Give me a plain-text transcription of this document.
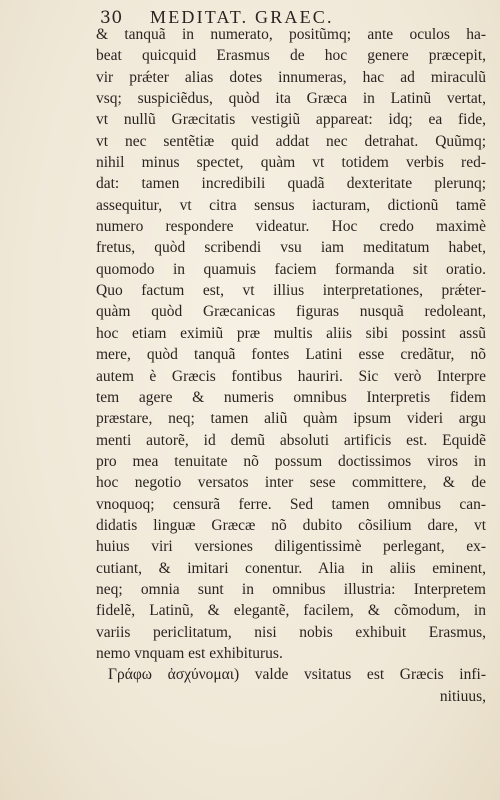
30 MEDITAT. GRAEC.
& tanquã in numerato, positũmq; ante oculos ha-
beat quicquid Erasmus de hoc genere præcepit,
vir prǽter alias dotes innumeras, hac ad miraculũ
vsq; suspiciẽdus, quòd ita Græca in Latinũ vertat,
vt nullũ Græcitatis vestigiũ appareat: idq; ea fide,
vt nec sentẽtiæ quid addat nec detrahat. Quũmq;
nihil minus spectet, quàm vt totidem verbis red-
dat: tamen incredibili quadã dexteritate plerunq;
assequitur, vt citra sensus iacturam, dictionũ tamẽ
numero respondere videatur. Hoc credo maximè
fretus, quòd scribendi vsu iam meditatum habet,
quomodo in quamuis faciem formanda sit oratio.
Quo factum est, vt illius interpretationes, prǽter-
quàm quòd Græcanicas figuras nusquã redoleant,
hoc etiam eximiũ præ multis aliis sibi possint assũ
mere, quòd tanquã fontes Latini esse credãtur, nõ
autem è Græcis fontibus hauriri. Sic verò Interpre
tem agere & numeris omnibus Interpretis fidem
præstare, neq; tamen aliũ quàm ipsum videri argu
menti autorẽ, id demũ absoluti artificis est. Equidẽ
pro mea tenuitate nõ possum doctissimos viros in
hoc negotio versatos inter sese committere, & de
vnoquoq; censurã ferre. Sed tamen omnibus can-
didatis linguæ Græcæ nõ dubito cõsilium dare, vt
huius viri versiones diligentissimè perlegant, ex-
cutiant, & imitari conentur. Alia in aliis eminent,
neq; omnia sunt in omnibus illustria: Interpretem
fidelẽ, Latinũ, & elegantẽ, facilem, & cõmodum, in
variis periclitatum, nisi nobis exhibuit Erasmus,
nemo vnquam est exhibiturus.
Γράφω ἀσχύνομαι) valde vsitatus est Græcis infi-
nitiuus,
